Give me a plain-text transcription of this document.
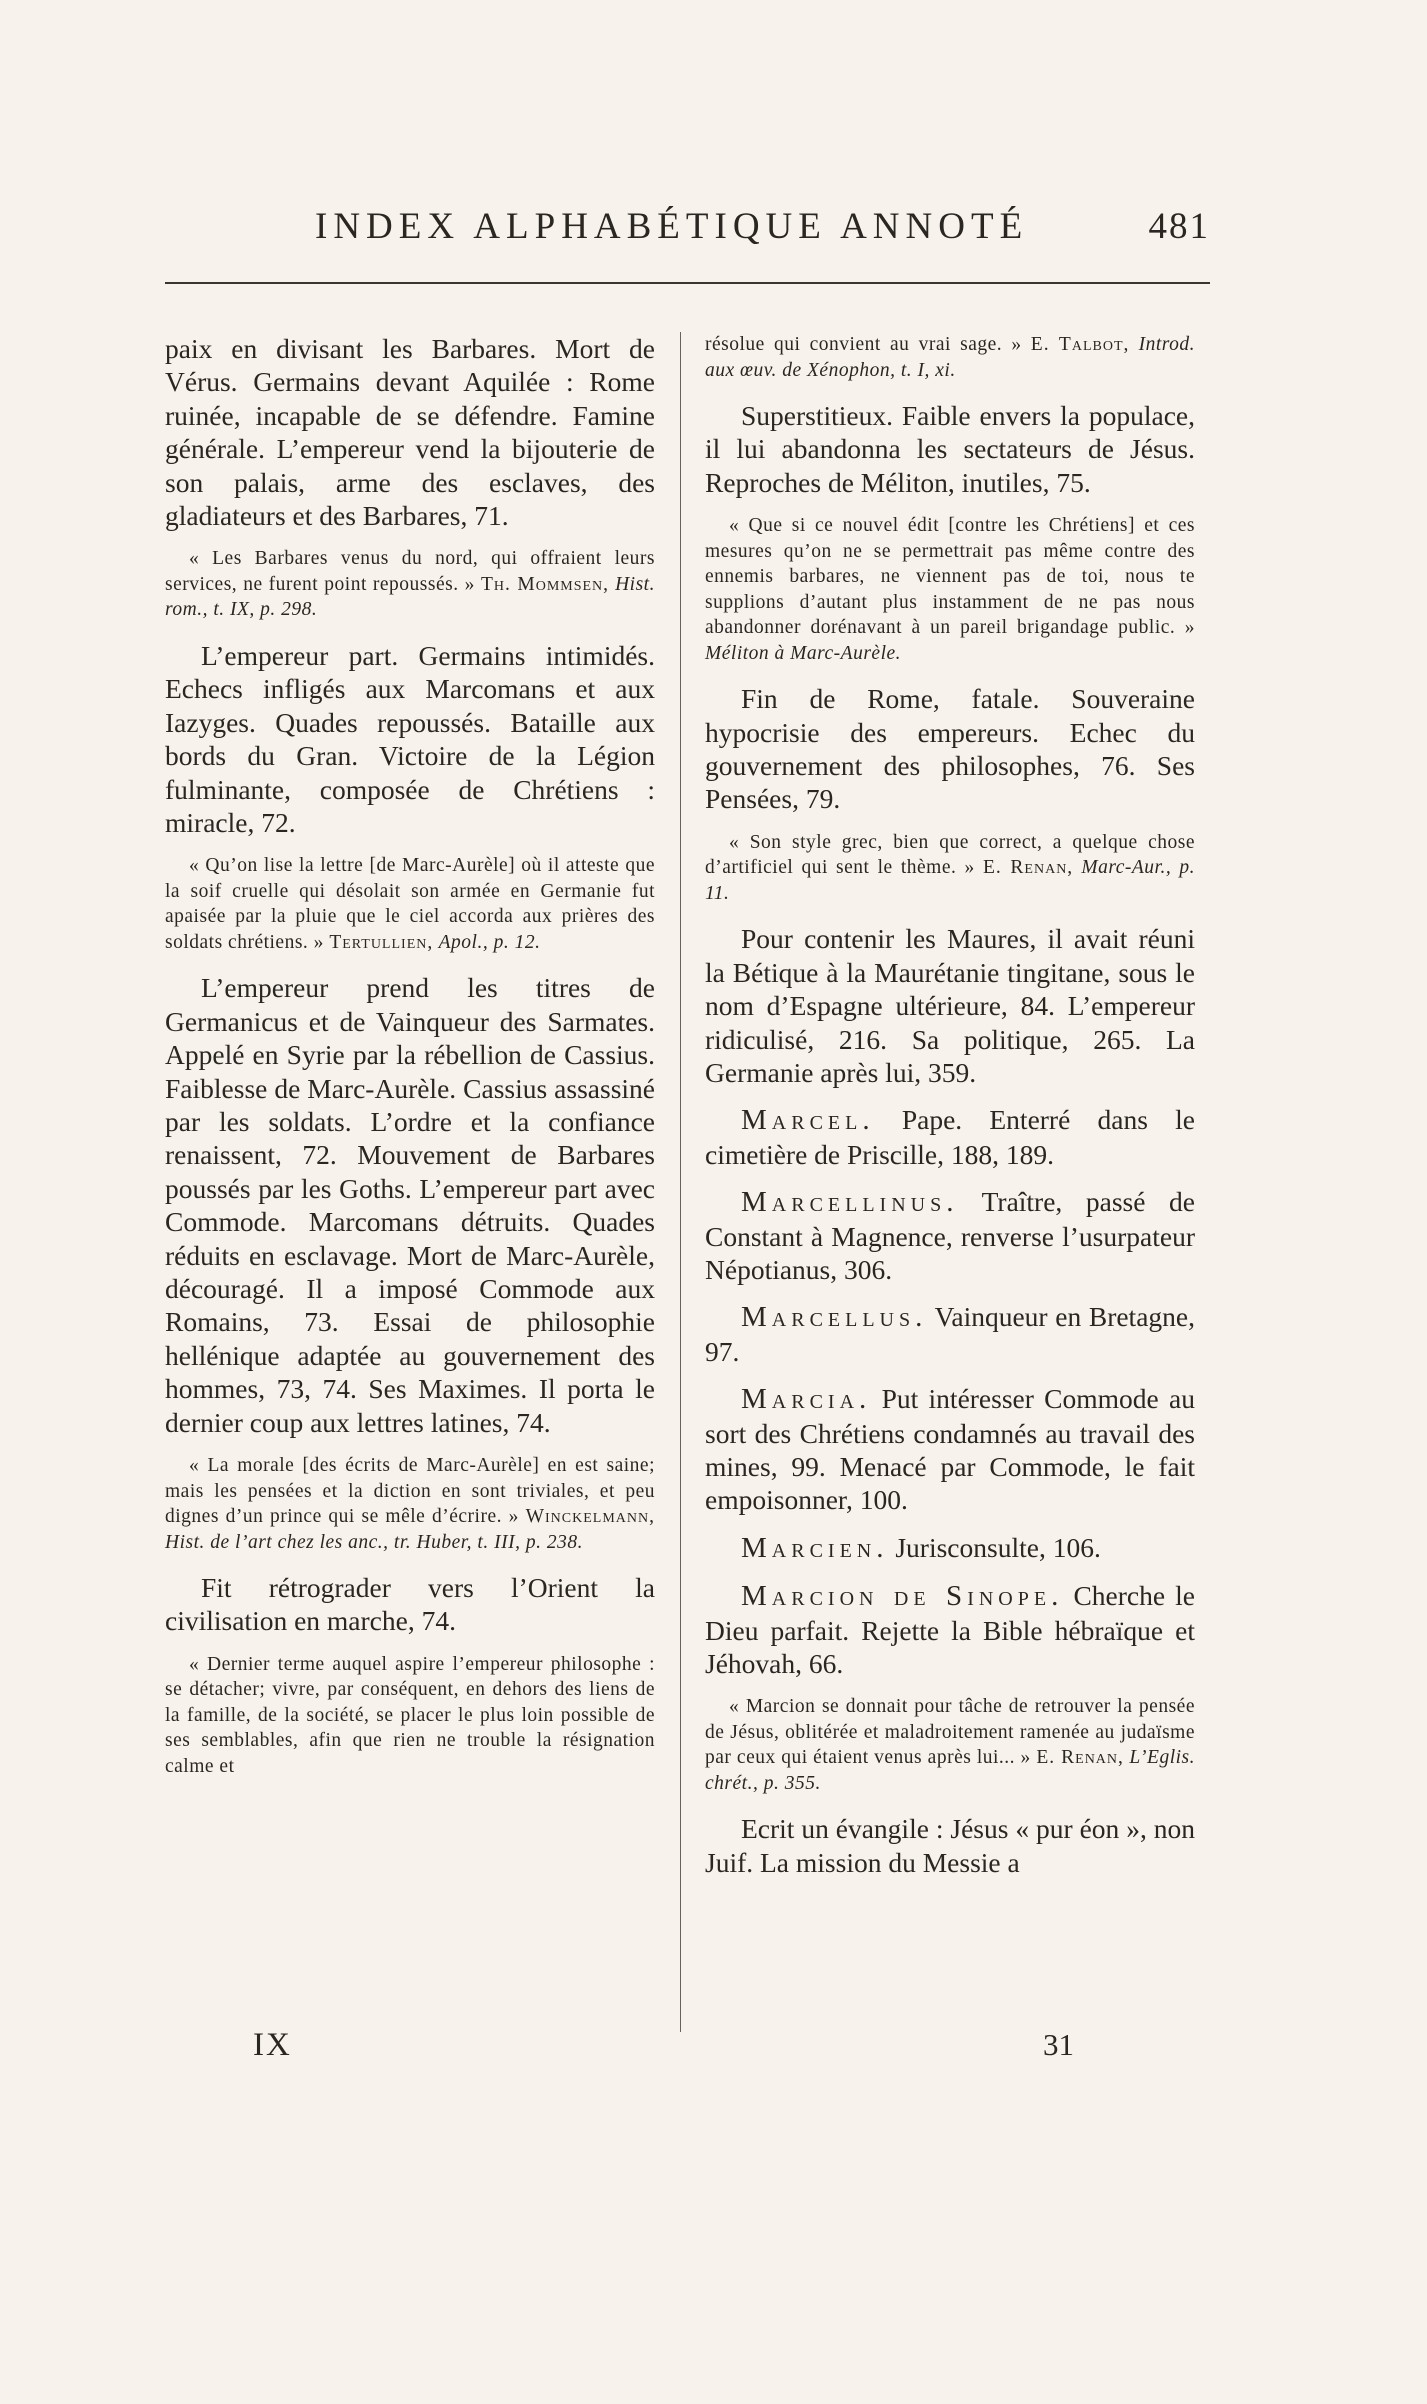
INDEX ALPHABÉTIQUE ANNOTÉ	481

paix en divisant les Barbares. Mort de Vérus. Germains devant Aquilée : Rome ruinée, incapable de se défendre. Famine générale. L’empereur vend la bijouterie de son palais, arme des esclaves, des gladiateurs et des Barbares, 71.

« Les Barbares venus du nord, qui offraient leurs services, ne furent point repoussés. » Th. Mommsen, Hist. rom., t. IX, p. 298.

L’empereur part. Germains intimidés. Echecs infligés aux Marcomans et aux Iazyges. Quades repoussés. Bataille aux bords du Gran. Victoire de la Légion fulminante, composée de Chrétiens : miracle, 72.

« Qu’on lise la lettre [de Marc-Aurèle] où il atteste que la soif cruelle qui désolait son armée en Germanie fut apaisée par la pluie que le ciel accorda aux prières des soldats chrétiens. » Tertullien, Apol., p. 12.

L’empereur prend les titres de Germanicus et de Vainqueur des Sarmates. Appelé en Syrie par la rébellion de Cassius. Faiblesse de Marc-Aurèle. Cassius assassiné par les soldats. L’ordre et la confiance renaissent, 72. Mouvement de Barbares poussés par les Goths. L’empereur part avec Commode. Marcomans détruits. Quades réduits en esclavage. Mort de Marc-Aurèle, découragé. Il a imposé Commode aux Romains, 73. Essai de philosophie hellénique adaptée au gouvernement des hommes, 73, 74. Ses Maximes. Il porta le dernier coup aux lettres latines, 74.

« La morale [des écrits de Marc-Aurèle] en est saine; mais les pensées et la diction en sont triviales, et peu dignes d’un prince qui se mêle d’écrire. » Winckelmann, Hist. de l’art chez les anc., tr. Huber, t. III, p. 238.

Fit rétrograder vers l’Orient la civilisation en marche, 74.

« Dernier terme auquel aspire l’empereur philosophe : se détacher; vivre, par conséquent, en dehors des liens de la famille, de la société, se placer le plus loin possible de ses semblables, afin que rien ne trouble la résignation calme et

résolue qui convient au vrai sage. » E. Talbot, Introd. aux œuv. de Xénophon, t. I, xi.

Superstitieux. Faible envers la populace, il lui abandonna les sectateurs de Jésus. Reproches de Méliton, inutiles, 75.

« Que si ce nouvel édit [contre les Chrétiens] et ces mesures qu’on ne se permettrait pas même contre des ennemis barbares, ne viennent pas de toi, nous te supplions d’autant plus instamment de ne pas nous abandonner dorénavant à un pareil brigandage public. » Méliton à Marc-Aurèle.

Fin de Rome, fatale. Souveraine hypocrisie des empereurs. Echec du gouvernement des philosophes, 76. Ses Pensées, 79.

« Son style grec, bien que correct, a quelque chose d’artificiel qui sent le thème. » E. Renan, Marc-Aur., p. 11.

Pour contenir les Maures, il avait réuni la Bétique à la Maurétanie tingitane, sous le nom d’Espagne ultérieure, 84. L’empereur ridiculisé, 216. Sa politique, 265. La Germanie après lui, 359.

Marcel. Pape. Enterré dans le cimetière de Priscille, 188, 189.

Marcellinus. Traître, passé de Constant à Magnence, renverse l’usurpateur Népotianus, 306.

Marcellus. Vainqueur en Bretagne, 97.

Marcia. Put intéresser Commode au sort des Chrétiens condamnés au travail des mines, 99. Menacé par Commode, le fait empoisonner, 100.

Marcien. Jurisconsulte, 106.

Marcion de Sinope. Cherche le Dieu parfait. Rejette la Bible hébraïque et Jéhovah, 66.

« Marcion se donnait pour tâche de retrouver la pensée de Jésus, oblitérée et maladroitement ramenée au judaïsme par ceux qui étaient venus après lui... » E. Renan, L’Eglis. chrét., p. 355.

Ecrit un évangile : Jésus « pur éon », non Juif. La mission du Messie a

IX	31
